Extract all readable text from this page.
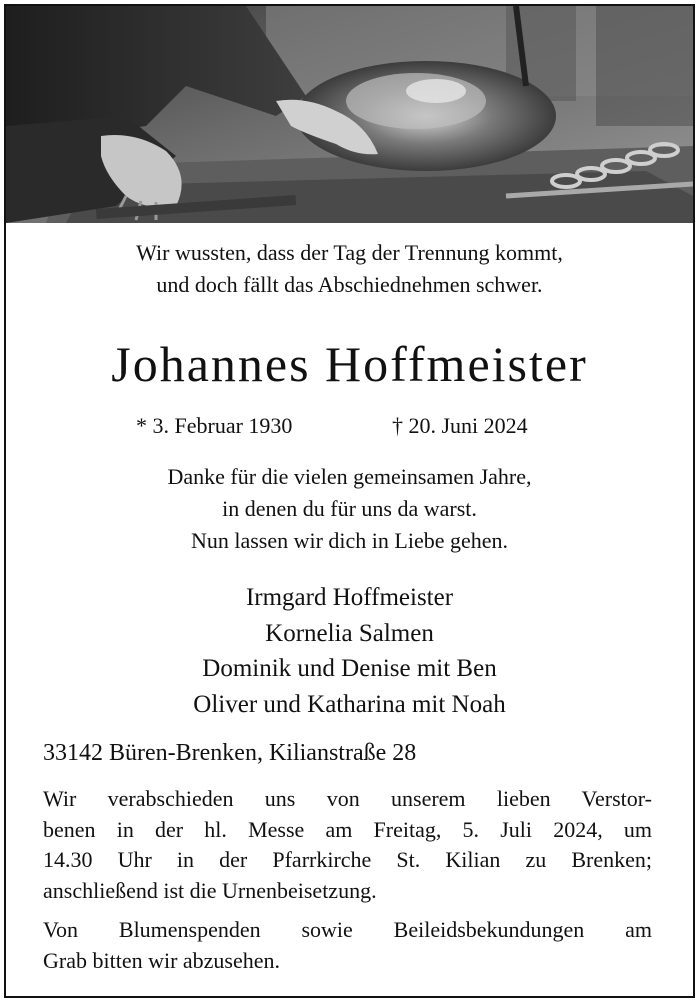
Wir wussten, dass der Tag der Trennung kommt,
und doch fällt das Abschiednehmen schwer.
Johannes Hoffmeister
* 3. Februar 1930	† 20. Juni 2024
Danke für die vielen gemeinsamen Jahre,
in denen du für uns da warst.
Nun lassen wir dich in Liebe gehen.
Irmgard Hoffmeister
Kornelia Salmen
Dominik und Denise mit Ben
Oliver und Katharina mit Noah
33142 Büren-Brenken, Kilianstraße 28
Wir verabschieden uns von unserem lieben Verstor-
benen in der hl. Messe am Freitag, 5. Juli 2024, um
14.30 Uhr in der Pfarrkirche St. Kilian zu Brenken;
anschließend ist die Urnenbeisetzung.
Von Blumenspenden sowie Beileidsbekundungen am
Grab bitten wir abzusehen.
